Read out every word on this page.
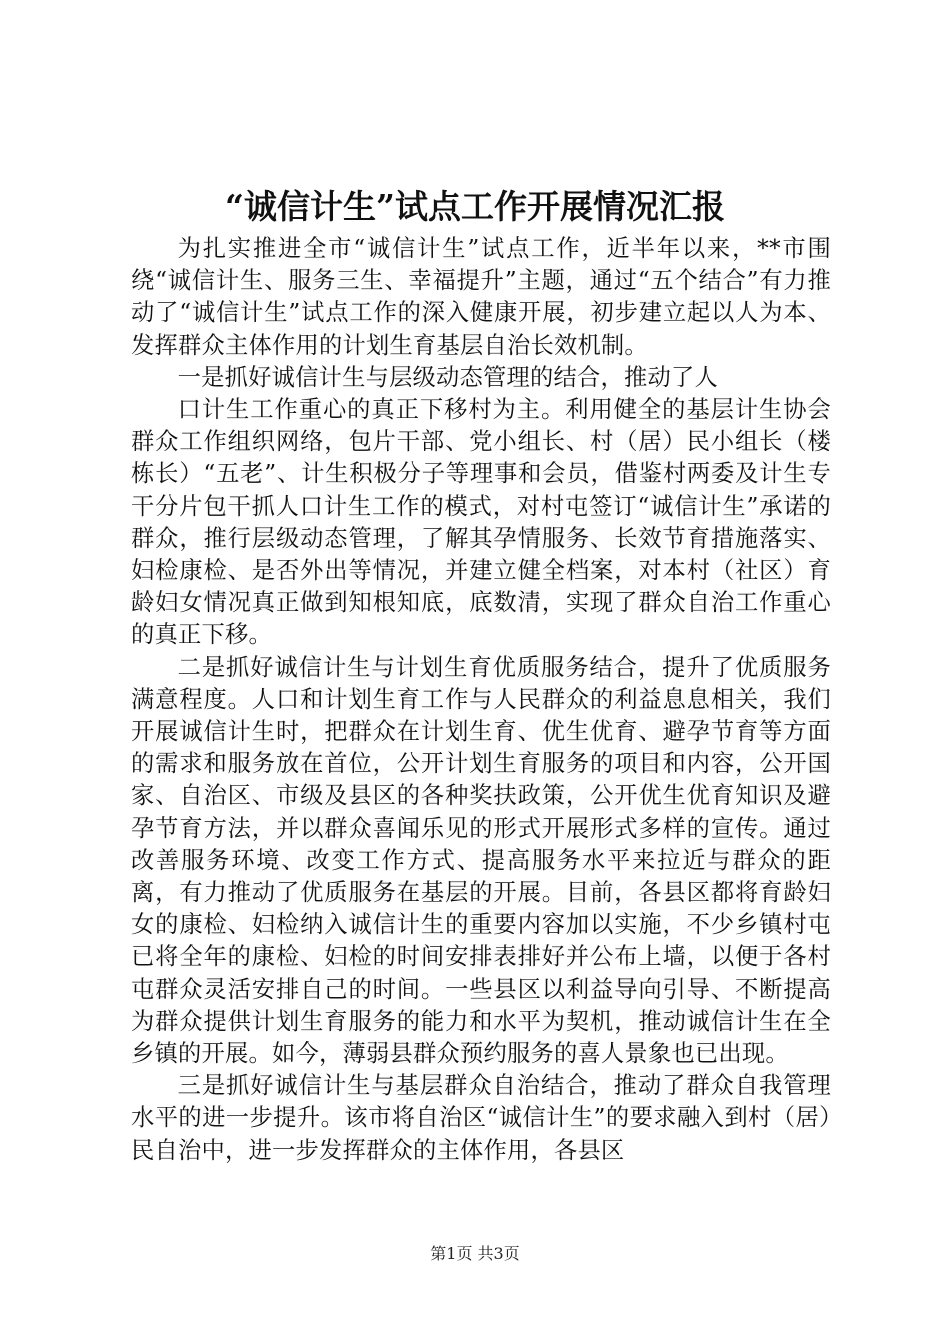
“诚信计生”试点工作开展情况汇报

为扎实推进全市“诚信计生”试点工作，近半年以来，**市围绕“诚信计生、服务三生、幸福提升”主题，通过“五个结合”有力推动了“诚信计生”试点工作的深入健康开展，初步建立起以人为本、发挥群众主体作用的计划生育基层自治长效机制。

一是抓好诚信计生与层级动态管理的结合，推动了人

口计生工作重心的真正下移村为主。利用健全的基层计生协会群众工作组织网络，包片干部、党小组长、村（居）民小组长（楼栋长）“五老”、计生积极分子等理事和会员，借鉴村两委及计生专干分片包干抓人口计生工作的模式，对村屯签订“诚信计生”承诺的群众，推行层级动态管理，了解其孕情服务、长效节育措施落实、妇检康检、是否外出等情况，并建立健全档案，对本村（社区）育龄妇女情况真正做到知根知底，底数清，实现了群众自治工作重心的真正下移。

二是抓好诚信计生与计划生育优质服务结合，提升了优质服务满意程度。人口和计划生育工作与人民群众的利益息息相关，我们开展诚信计生时，把群众在计划生育、优生优育、避孕节育等方面的需求和服务放在首位，公开计划生育服务的项目和内容，公开国家、自治区、市级及县区的各种奖扶政策，公开优生优育知识及避孕节育方法，并以群众喜闻乐见的形式开展形式多样的宣传。通过改善服务环境、改变工作方式、提高服务水平来拉近与群众的距离，有力推动了优质服务在基层的开展。目前，各县区都将育龄妇女的康检、妇检纳入诚信计生的重要内容加以实施，不少乡镇村屯已将全年的康检、妇检的时间安排表排好并公布上墙，以便于各村屯群众灵活安排自己的时间。一些县区以利益导向引导、不断提高为群众提供计划生育服务的能力和水平为契机，推动诚信计生在全乡镇的开展。如今，薄弱县群众预约服务的喜人景象也已出现。

三是抓好诚信计生与基层群众自治结合，推动了群众自我管理水平的进一步提升。该市将自治区“诚信计生”的要求融入到村（居）民自治中，进一步发挥群众的主体作用，各县区

第1页 共3页
